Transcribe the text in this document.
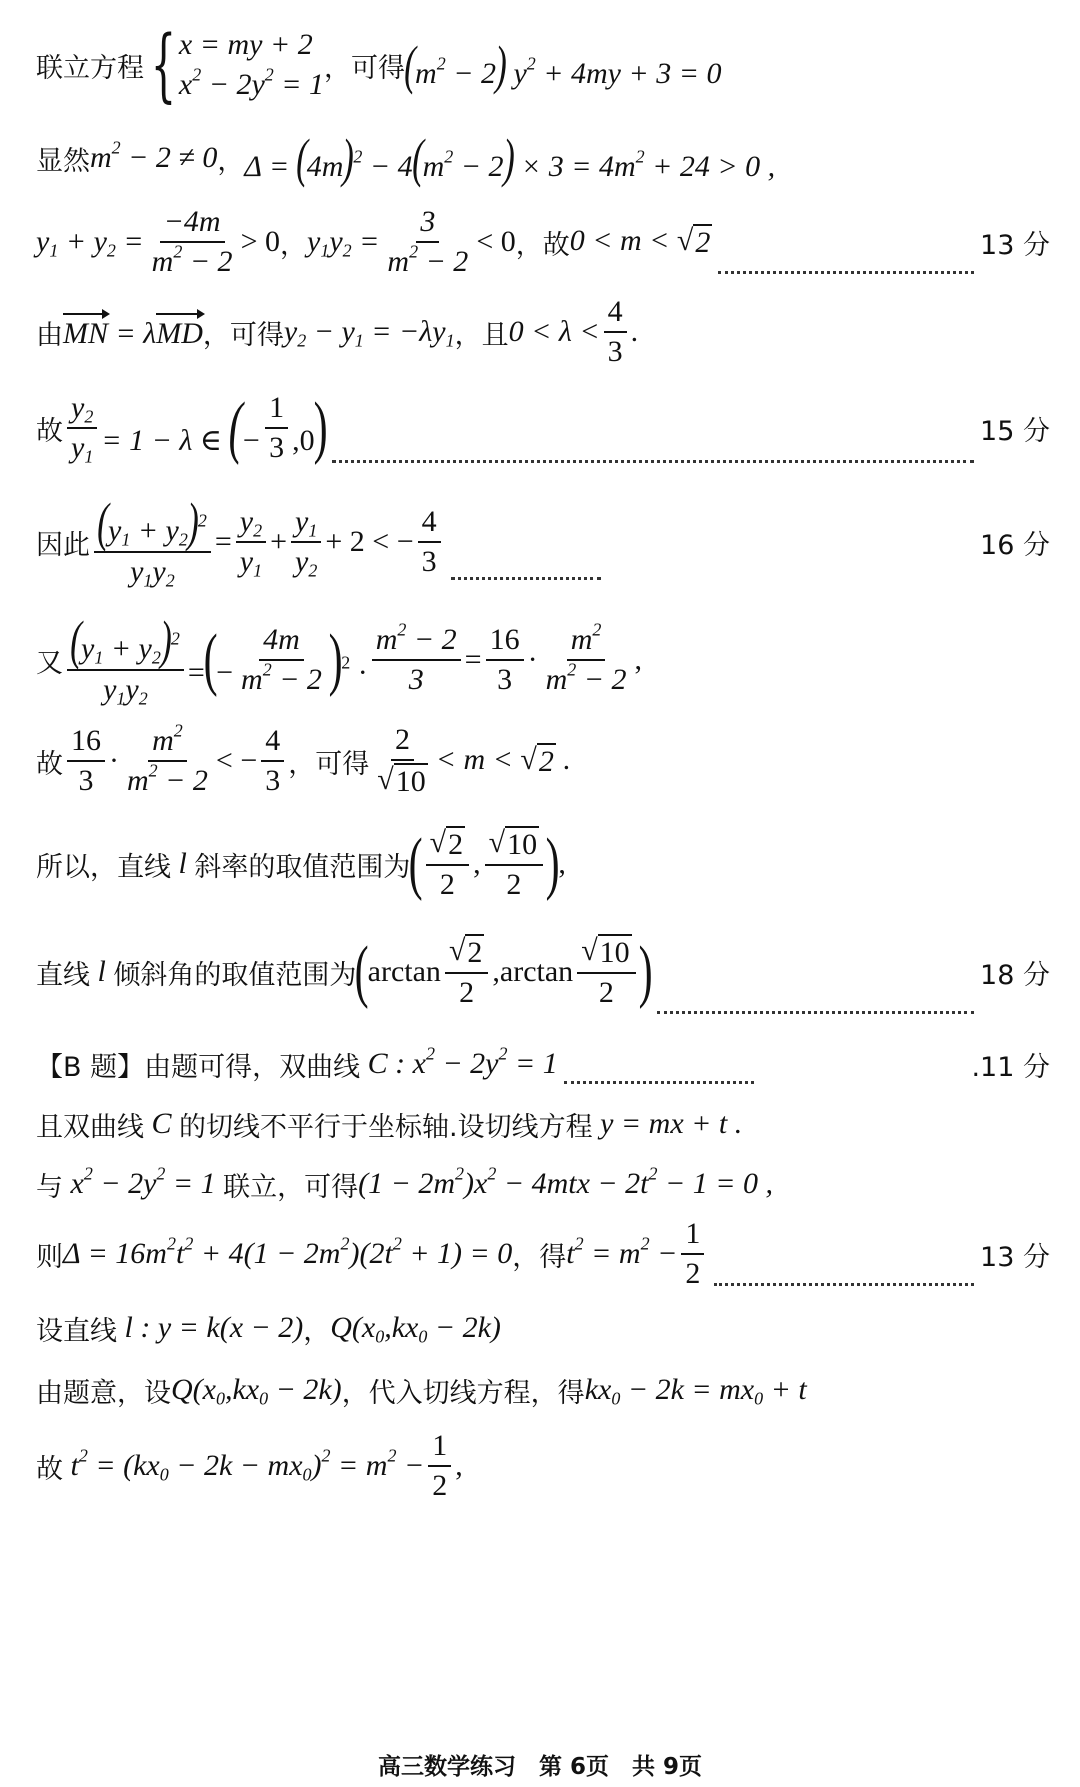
联立方程 { x = my + 2
$x^2 - 2y^2 = 1$ ，可得 $(m^2 - 2) y^2 + 4my + 3 = 0$
显然 $m^2 - 2 \ne 0$ ， $\Delta = (4m)^2 - 4(m^2 - 2) \times 3 = 4m^2 + 24 > 0$ ,
$y_1 + y_2 = \frac{-4m}{m^2 - 2} > 0$ ， $y_1y_2 = \frac{3}{m^2 - 2} < 0$ ，故 0 < m < √ 2	13 分
由 MN = λMD ，可得 $y_2 - y_1 = -\lambda y_1$ ，且 $0 < \lambda < \frac{4}{3}$ .
故 $\frac{y_2}{y_1} = 1 - \lambda$ ∈ (− $\frac{1}{3} ,0$)	15 分
因此 $\frac{(y_1 + y_2)^2}{y_1y_2} = \frac{y_2}{y_1} + \frac{y_1}{y_2} + 2$ < − $\frac{4}{3}$	16 分
又 $\frac{(y_1 + y_2)^2}{y_1y_2}$ =(− $\frac{4m}{m^2 - 2} )^2 \cdot \frac{m^2 - 2}{3} = \frac{16}{3} \cdot \frac{m^2}{m^2 - 2}$ ,
故 $\frac{16}{3} \cdot \frac{m^2}{m^2 - 2}$ < − $\frac{4}{3}$ ，可得 $\frac{2}{√ 10} < m$ < √ 2 .
所以，直线 l 斜率的取值范围为
( $\frac{√ 2}{2}$ , $\frac{√ 10}{2}$ )
,
直线 l 倾斜角的取值范围为
(
$\arctan \frac{√ 2}{2} ,\arctan \frac{√ 10}{2}$ )	18 分
【B 题】由题可得，双曲线 C : $x^2 - 2y^2 = 1$	.11 分
且双曲线 C 的切线不平行于坐标轴.设切线方程 y = mx + t .
与 $x^2 - 2y^2 = 1$ 联立，可得 $(1 - 2m^2)x^2 - 4mtx - 2t^2 - 1 = 0$ ,
则 $\Delta = 16m^2t^2 + 4(1 - 2m^2)(2t^2 + 1) = 0$ ，得 $t^2 = m^2 - \frac{1}{2}$	13 分
设直线 l : y = k(x − 2) ， $Q(x_0,kx_0 - 2k)$
由题意，设 $Q(x_0,kx_0 - 2k)$ ，代入切线方程，得 $kx_0 - 2k = mx_0 + t$
故 $t^2 = (kx_0 - 2k - mx_0)^2 = m^2 - \frac{1}{2}$ ,
高三数学练习　第 6页　共 9页
